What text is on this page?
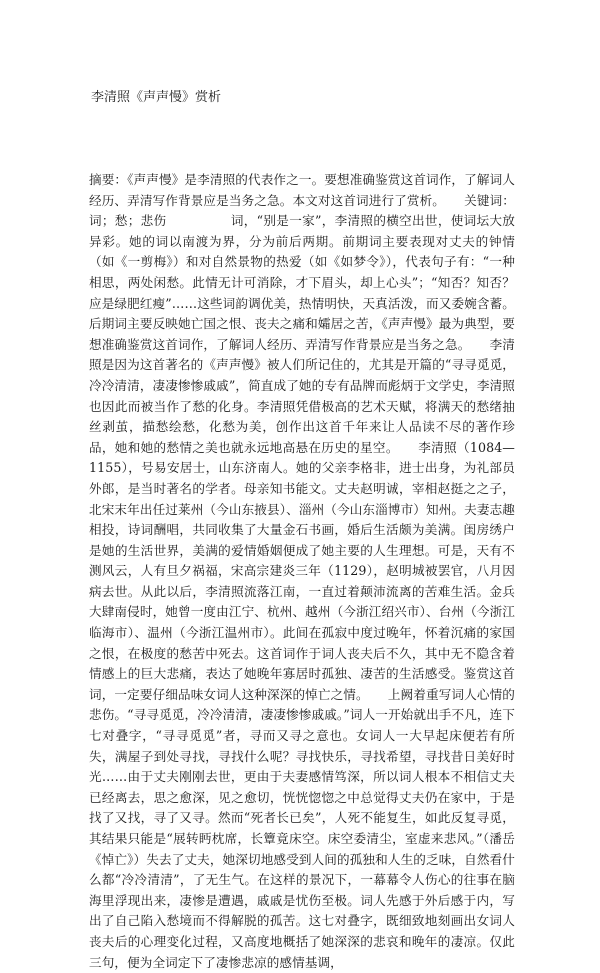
李清照《声声慢》赏析

摘要：《声声慢》是李清照的代表作之一。要想准确鉴赏这首词作，了解词人经历、弄清写作背景应是当务之急。本文对这首词进行了赏析。　　关键词：词；愁；悲伤　　　　　词，“别是一家”，李清照的横空出世，使词坛大放异彩。她的词以南渡为界，分为前后两期。前期词主要表现对丈夫的钟情（如《一剪梅》）和对自然景物的热爱（如《如梦令》），代表句子有：“一种相思，两处闲愁。此情无计可消除，才下眉头，却上心头”；“知否？知否？应是绿肥红瘦”……这些词韵调优美，热情明快，天真活泼，而又委婉含蓄。后期词主要反映她亡国之恨、丧夫之痛和孀居之苦，《声声慢》最为典型，要想准确鉴赏这首词作，了解词人经历、弄清写作背景应是当务之急。　　李清照是因为这首著名的《声声慢》被人们所记住的，尤其是开篇的“寻寻觅觅，冷冷清清，凄凄惨惨戚戚”，简直成了她的专有品牌而彪炳于文学史，李清照也因此而被当作了愁的化身。李清照凭借极高的艺术天赋，将满天的愁绪抽丝剥茧，描愁绘愁，化愁为美，创作出这首千年来让人品读不尽的著作珍品，她和她的愁情之美也就永远地高悬在历史的星空。　　李清照（1084—1155），号易安居士，山东济南人。她的父亲李格非，进士出身，为礼部员外郎，是当时著名的学者。母亲知书能文。丈夫赵明诚，宰相赵挺之之子，北宋末年出任过莱州（今山东掖县）、淄州（今山东淄博市）知州。夫妻志趣相投，诗词酬唱，共同收集了大量金石书画，婚后生活颇为美满。闺房绣户是她的生活世界，美满的爱情婚姻便成了她主要的人生理想。可是，天有不测风云，人有旦夕祸福，宋高宗建炎三年（1129），赵明城被罢官，八月因病去世。从此以后，李清照流落江南，一直过着颠沛流离的苦难生活。金兵大肆南侵时，她曾一度由江宁、杭州、越州（今浙江绍兴市）、台州（今浙江临海市）、温州（今浙江温州市）。此间在孤寂中度过晚年，怀着沉痛的家国之恨，在极度的愁苦中死去。这首词作于词人丧夫后不久，其中无不隐含着情感上的巨大悲痛，表达了她晚年寡居时孤独、凄苦的生活感受。鉴赏这首词，一定要仔细品味女词人这种深深的悼亡之情。　　上阙着重写词人心情的悲伤。“寻寻觅觅，冷冷清清，凄凄惨惨戚戚。”词人一开始就出手不凡，连下七对叠字，“寻寻觅觅”者，寻而又寻之意也。女词人一大早起床便若有所失，满屋子到处寻找，寻找什么呢？寻找快乐，寻找希望，寻找昔日美好时光……由于丈夫刚刚去世，更由于夫妻感情笃深，所以词人根本不相信丈夫已经离去，思之愈深，见之愈切，恍恍惚惚之中总觉得丈夫仍在家中，于是找了又找，寻了又寻。然而“死者长已矣”，人死不能复生，如此反复寻觅，其结果只能是“展转眄枕席，长簟竟床空。床空委清尘，室虚来悲风。”（潘岳《悼亡》）失去了丈夫，她深切地感受到人间的孤独和人生的乏味，自然看什么都“冷冷清清”，了无生气。在这样的景况下，一幕幕令人伤心的往事在脑海里浮现出来，凄惨是遭遇，戚戚是忧伤至极。词人先感于外后感于内，写出了自己陷入愁境而不得解脱的孤苦。这七对叠字，既细致地刻画出女词人丧夫后的心理变化过程，又高度地概括了她深深的悲哀和晚年的凄凉。仅此三句，便为全词定下了凄惨悲凉的感情基调，
